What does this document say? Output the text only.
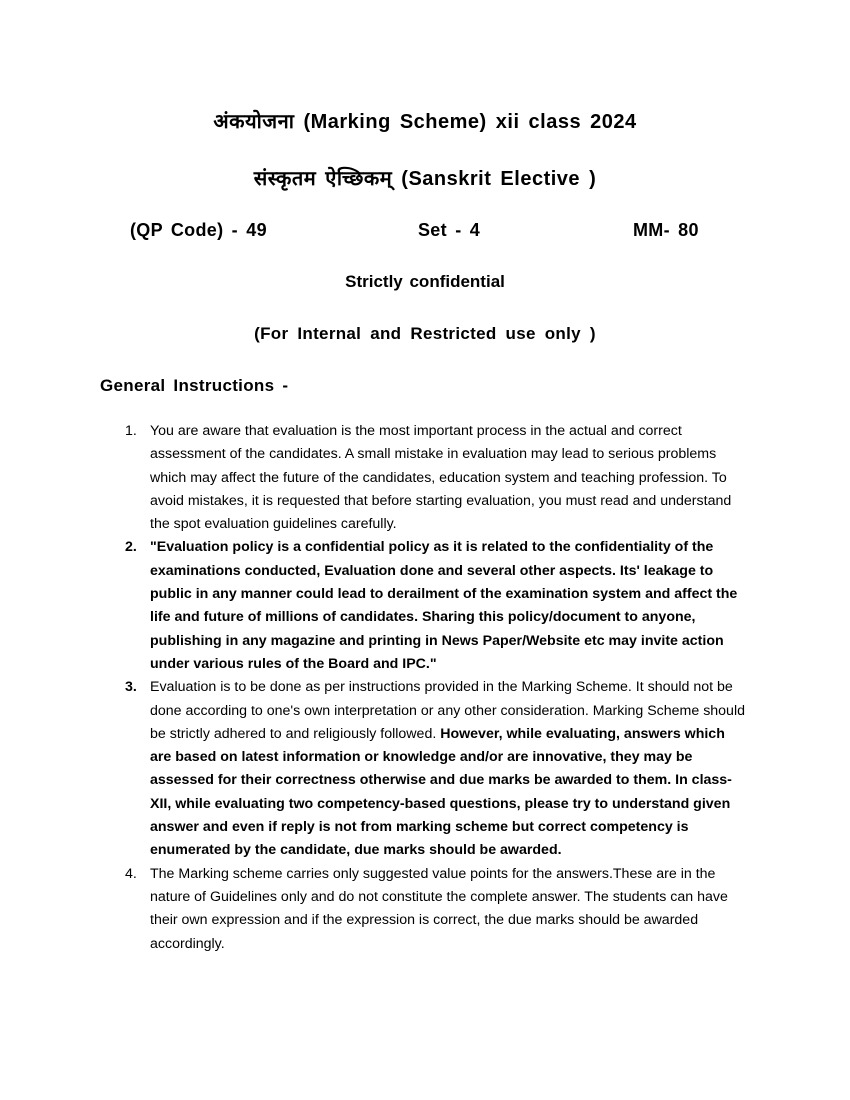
अंकयोजना (Marking Scheme) xii class 2024
संस्कृतम ऐच्छिकम् (Sanskrit Elective )
(QP Code) - 49	Set - 4	MM- 80
Strictly confidential
(For Internal and Restricted use only )
General Instructions -
1. You are aware that evaluation is the most important process in the actual and correct assessment of the candidates. A small mistake in evaluation may lead to serious problems which may affect the future of the candidates, education system and teaching profession. To avoid mistakes, it is requested that before starting evaluation, you must read and understand the spot evaluation guidelines carefully.
2. "Evaluation policy is a confidential policy as it is related to the confidentiality of the examinations conducted, Evaluation done and several other aspects. Its' leakage to public in any manner could lead to derailment of the examination system and affect the life and future of millions of candidates. Sharing this policy/document to anyone, publishing in any magazine and printing in News Paper/Website etc may invite action under various rules of the Board and IPC."
3. Evaluation is to be done as per instructions provided in the Marking Scheme. It should not be done according to one's own interpretation or any other consideration. Marking Scheme should be strictly adhered to and religiously followed. However, while evaluating, answers which are based on latest information or knowledge and/or are innovative, they may be assessed for their correctness otherwise and due marks be awarded to them. In class-XII, while evaluating two competency-based questions, please try to understand given answer and even if reply is not from marking scheme but correct competency is enumerated by the candidate, due marks should be awarded.
4. The Marking scheme carries only suggested value points for the answers.These are in the nature of Guidelines only and do not constitute the complete answer. The students can have their own expression and if the expression is correct, the due marks should be awarded accordingly.
